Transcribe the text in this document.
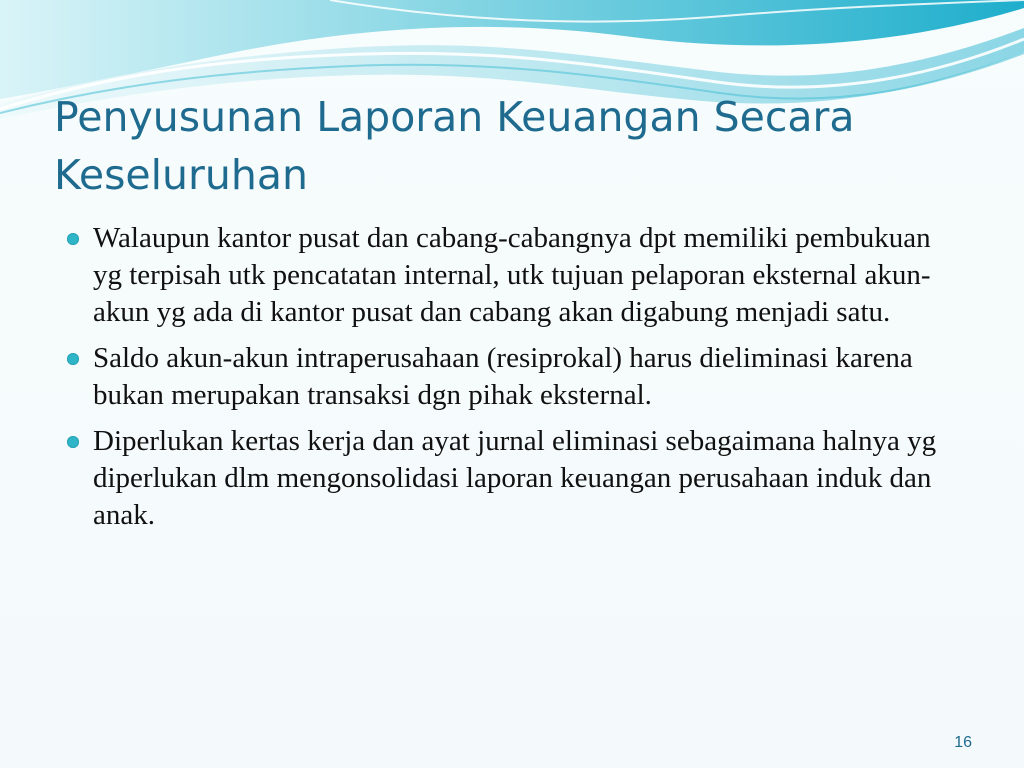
Penyusunan Laporan Keuangan Secara Keseluruhan
Walaupun kantor pusat dan cabang-cabangnya dpt memiliki pembukuan yg terpisah utk pencatatan internal, utk tujuan pelaporan eksternal akun-akun yg ada di kantor pusat dan cabang akan digabung menjadi satu.
Saldo akun-akun intraperusahaan (resiprokal) harus dieliminasi karena bukan merupakan transaksi dgn pihak eksternal.
Diperlukan kertas kerja dan ayat jurnal eliminasi sebagaimana halnya yg diperlukan dlm mengonsolidasi laporan keuangan perusahaan induk dan anak.
16
